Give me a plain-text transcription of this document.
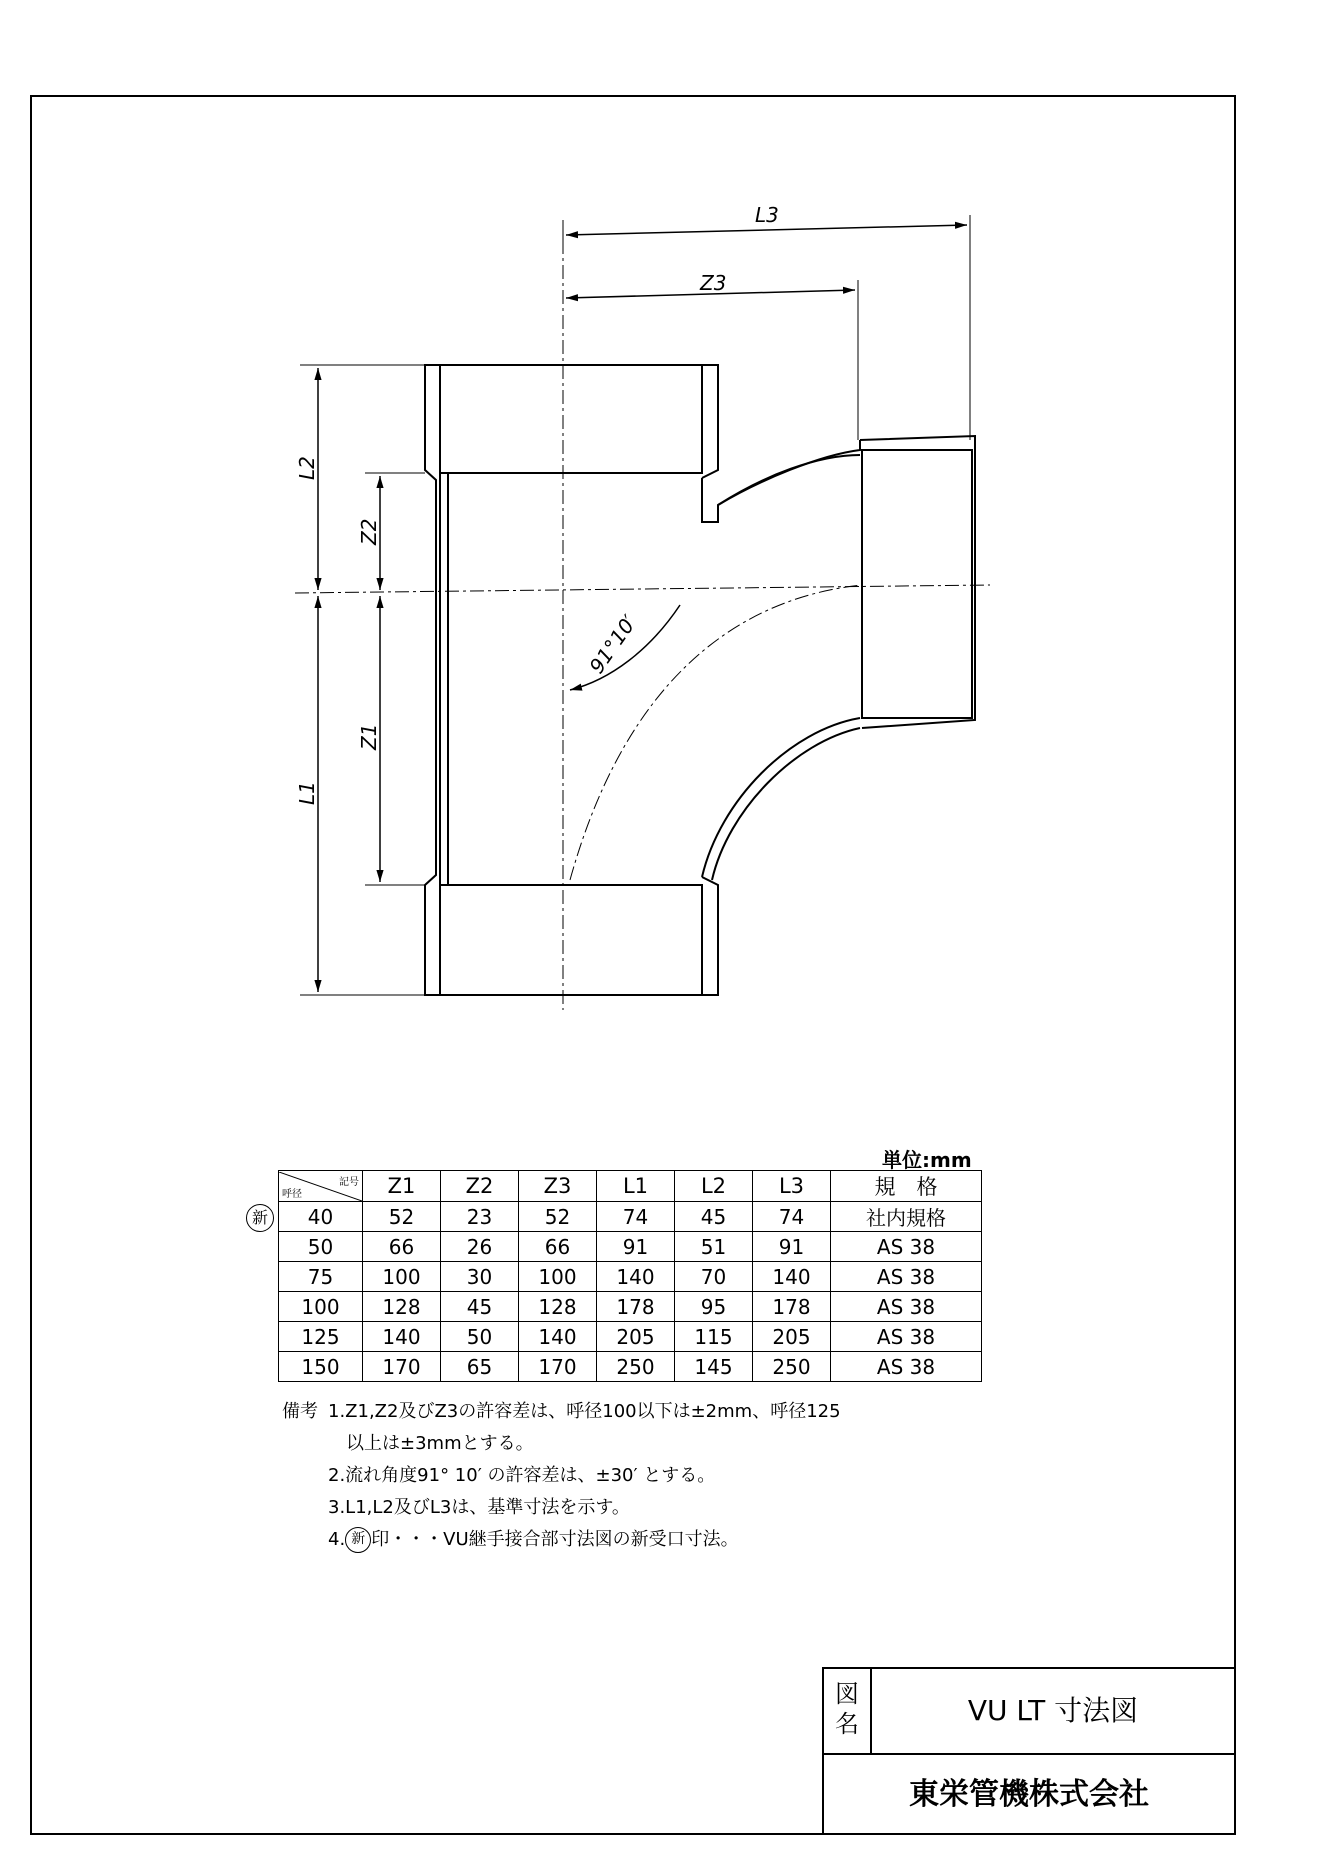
L2
Z2
L1
Z1
L3
Z3
91°10′
単位:mm
新
記号
呼径	Z1	Z2	Z3	L1	L2	L3	規　格
40	52	23	52	74	45	74	社内規格
50	66	26	66	91	51	91	AS 38
75	100	30	100	140	70	140	AS 38
100	128	45	128	178	95	178	AS 38
125	140	50	140	205	115	205	AS 38
150	170	65	170	250	145	250	AS 38
備考 1.Z1,Z2及びZ3の許容差は、呼径100以下は±2mm、呼径125
以上は±3mmとする。
2.流れ角度91° 10′ の許容差は、±30′ とする。
3.L1,L2及びL3は、基準寸法を示す。
4. 新 印・・・VU継手接合部寸法図の新受口寸法。
図
名	VU LT 寸法図
東栄管機株式会社
